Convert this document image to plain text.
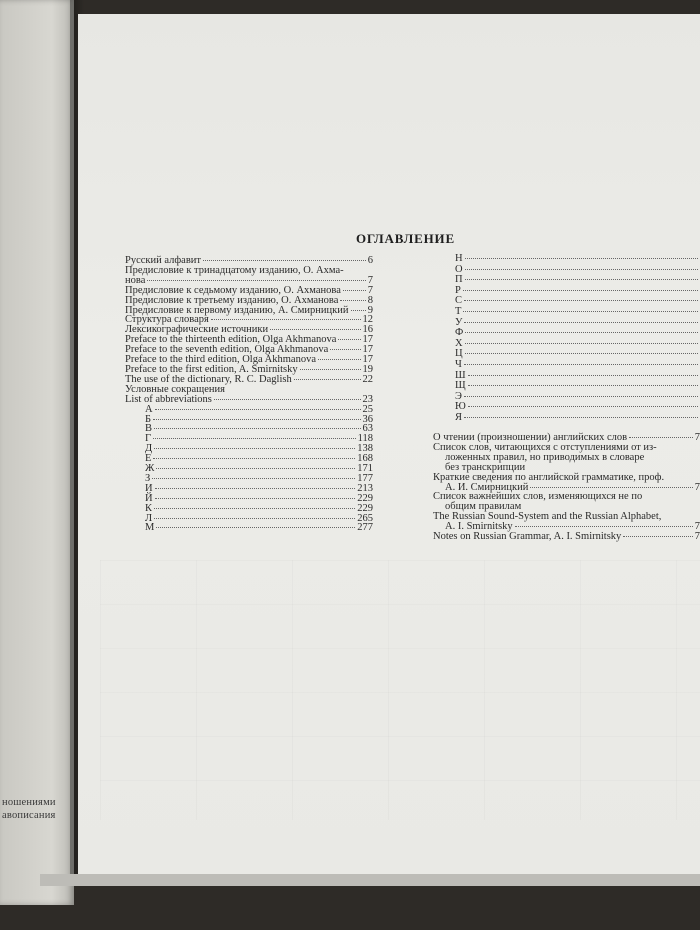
ношениями
авописания
ОГЛАВЛЕНИЕ
Русский алфавит	6
Предисловие к тринадцатому изданию, О. Ахма-
нова	7
Предисловие к седьмому изданию, О. Ахманова	7
Предисловие к третьему изданию, О. Ахманова	8
Предисловие к первому изданию, А. Смирницкий 9
Структура словаря	12
Лексикографические источники	16
Preface to the thirteenth edition, Olga Akhmanova 17
Preface to the seventh edition, Olga Akhmanova	17
Preface to the third edition, Olga Akhmanova	17
Preface to the first edition, A. Smirnitsky	19
The use of the dictionary, R. C. Daglish	22
Условные сокращения
List of abbreviations	23
А	25
Б	36
В	63
Г	118
Д	138
Е	168
Ж	171
З	177
И	213
Й	229
К	229
Л	265
М	277
Н
О
П
Р
С
Т
У
Ф
Х
Ц
Ч
Ш
Щ
Э
Ю
Я
О чтении (произношении) английских слов	7
Список слов, читающихся с отступлениями от из-
ложенных правил, но приводимых в словаре
без транскрипции
Краткие сведения по английской грамматике, проф.
А. И. Смирницкий	7
Список важнейших слов, изменяющихся не по
общим правилам
The Russian Sound-System and the Russian Alphabet,
A. I. Smirnitsky	7
Notes on Russian Grammar, A. I. Smirnitsky	7
